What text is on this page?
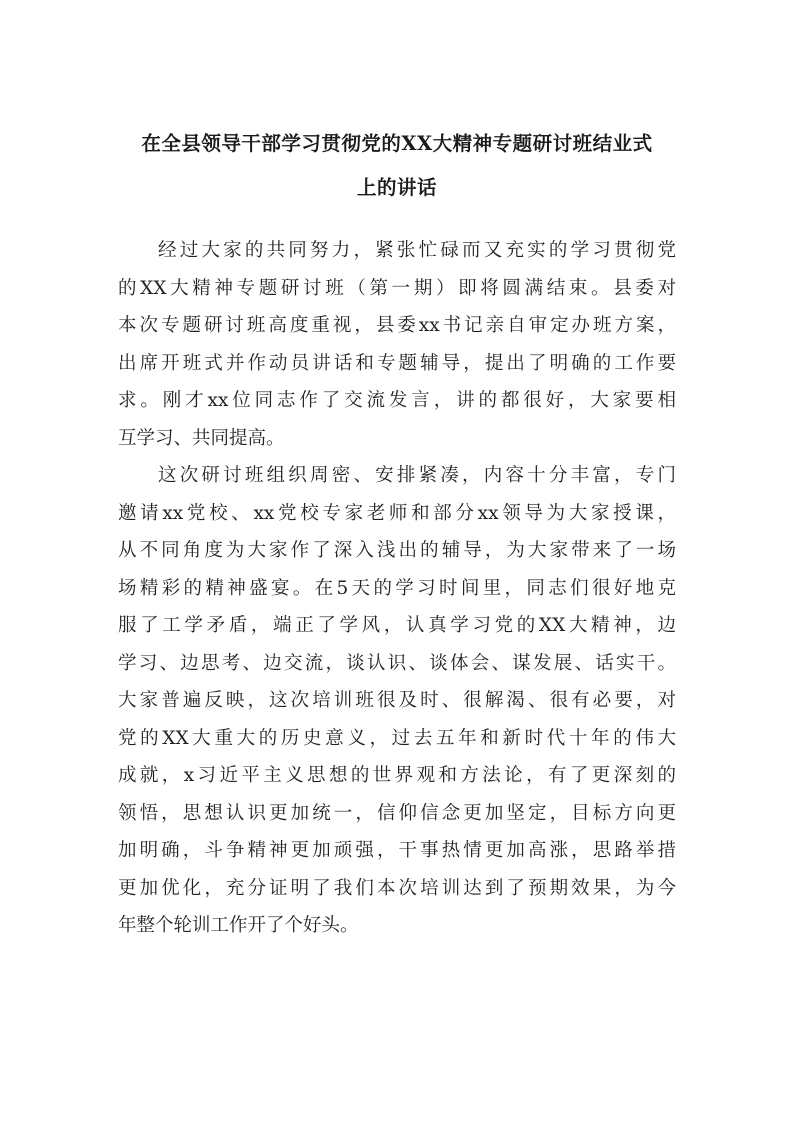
在全县领导干部学习贯彻党的XX大精神专题研讨班结业式
上的讲话

经过大家的共同努力，紧张忙碌而又充实的学习贯彻党
的XX大精神专题研讨班（第一期）即将圆满结束。县委对
本次专题研讨班高度重视，县委xx书记亲自审定办班方案，
出席开班式并作动员讲话和专题辅导，提出了明确的工作要
求。刚才xx位同志作了交流发言，讲的都很好，大家要相
互学习、共同提高。

这次研讨班组织周密、安排紧凑，内容十分丰富，专门
邀请xx党校、xx党校专家老师和部分xx领导为大家授课，
从不同角度为大家作了深入浅出的辅导，为大家带来了一场
场精彩的精神盛宴。在5天的学习时间里，同志们很好地克
服了工学矛盾，端正了学风，认真学习党的XX大精神，边
学习、边思考、边交流，谈认识、谈体会、谋发展、话实干。
大家普遍反映，这次培训班很及时、很解渴、很有必要，对
党的XX大重大的历史意义，过去五年和新时代十年的伟大
成就，x习近平主义思想的世界观和方法论，有了更深刻的
领悟，思想认识更加统一，信仰信念更加坚定，目标方向更
加明确，斗争精神更加顽强，干事热情更加高涨，思路举措
更加优化，充分证明了我们本次培训达到了预期效果，为今
年整个轮训工作开了个好头。
